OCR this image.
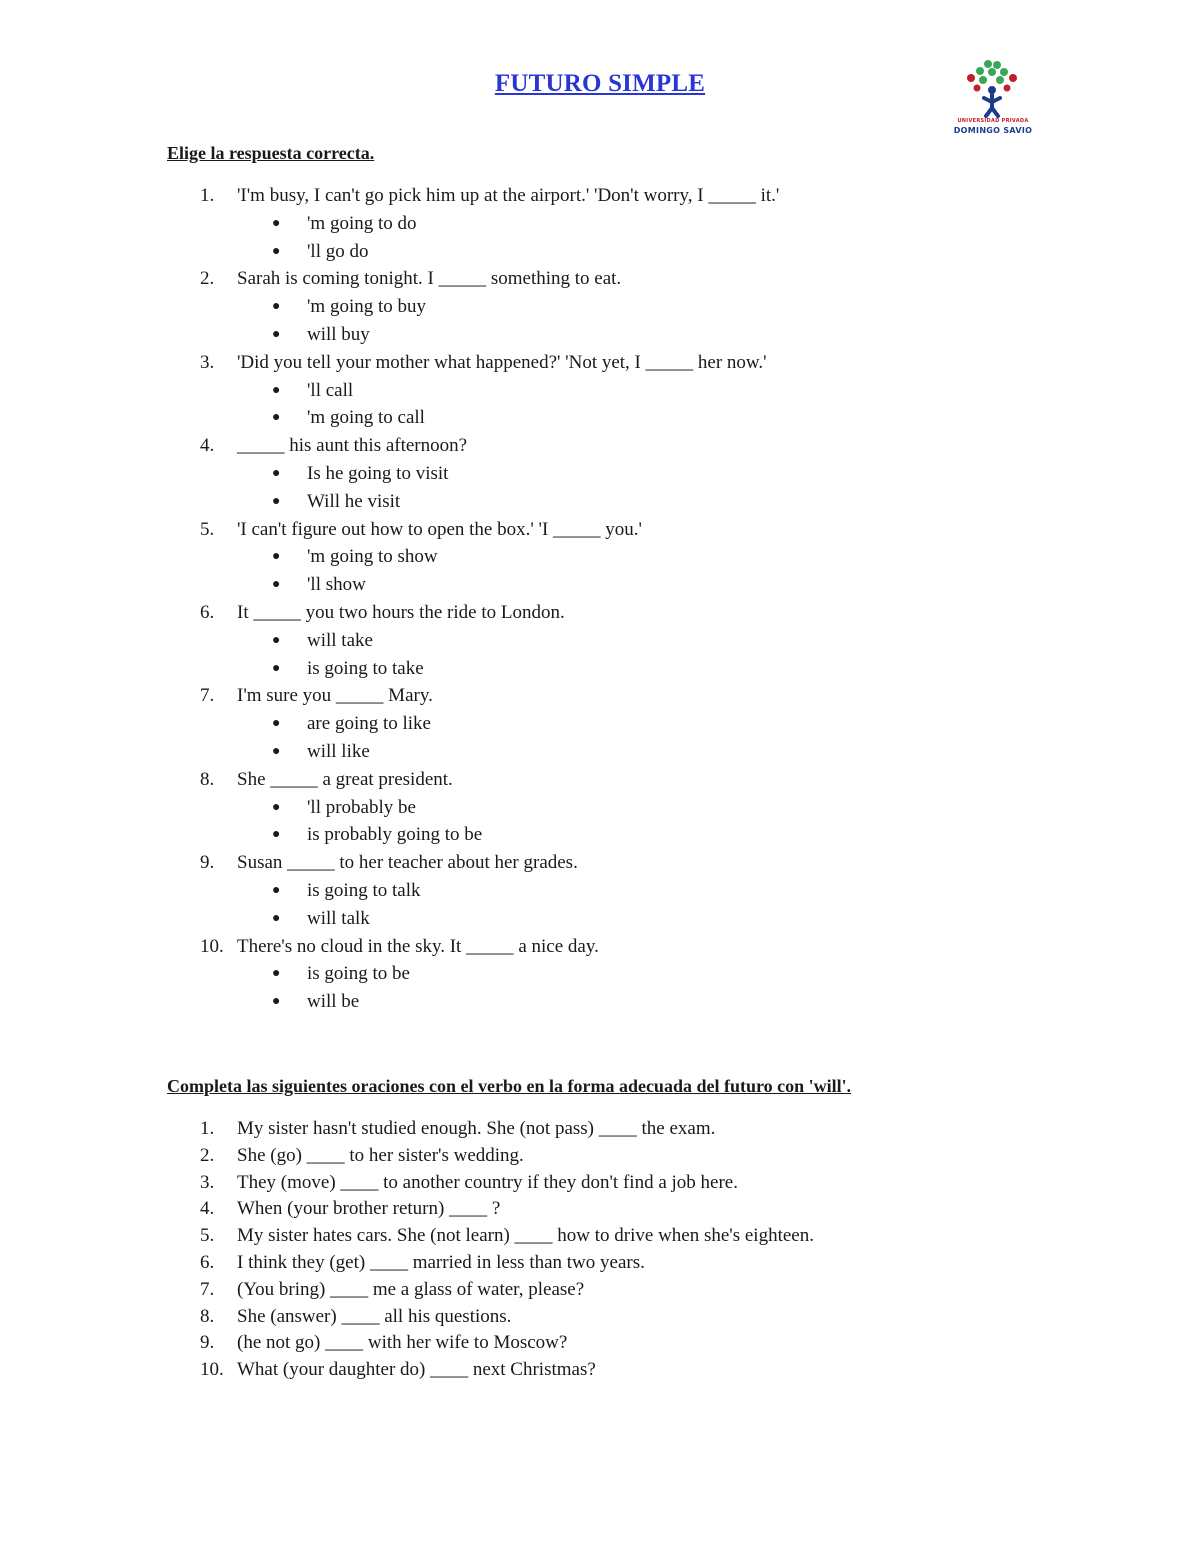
FUTURO SIMPLE
UNIVERSIDAD PRIVADA
DOMINGO SAVIO
Elige la respuesta correcta.
1.	'I'm busy, I can't go pick him up at the airport.' 'Don't worry, I _____ it.'
● 'm going to do
● 'll go do
2.	Sarah is coming tonight. I _____ something to eat.
● 'm going to buy
● will buy
3.	'Did you tell your mother what happened?' 'Not yet, I _____ her now.'
● 'll call
● 'm going to call
4.	_____ his aunt this afternoon?
● Is he going to visit
● Will he visit
5.	'I can't figure out how to open the box.' 'I _____ you.'
● 'm going to show
● 'll show
6.	It _____ you two hours the ride to London.
● will take
● is going to take
7.	I'm sure you _____ Mary.
● are going to like
● will like
8.	She _____ a great president.
● 'll probably be
● is probably going to be
9.	Susan _____ to her teacher about her grades.
● is going to talk
● will talk
10. There's no cloud in the sky. It _____ a nice day.
● is going to be
● will be
Completa las siguientes oraciones con el verbo en la forma adecuada del futuro con 'will'.
1.	My sister hasn't studied enough. She (not pass) ____ the exam.
2.	She (go) ____ to her sister's wedding.
3.	They (move) ____ to another country if they don't find a job here.
4.	When (your brother return) ____ ?
5.	My sister hates cars. She (not learn) ____ how to drive when she's eighteen.
6.	I think they (get) ____ married in less than two years.
7.	(You bring) ____ me a glass of water, please?
8.	She (answer) ____ all his questions.
9.	(he not go) ____ with her wife to Moscow?
10. What (your daughter do) ____ next Christmas?
